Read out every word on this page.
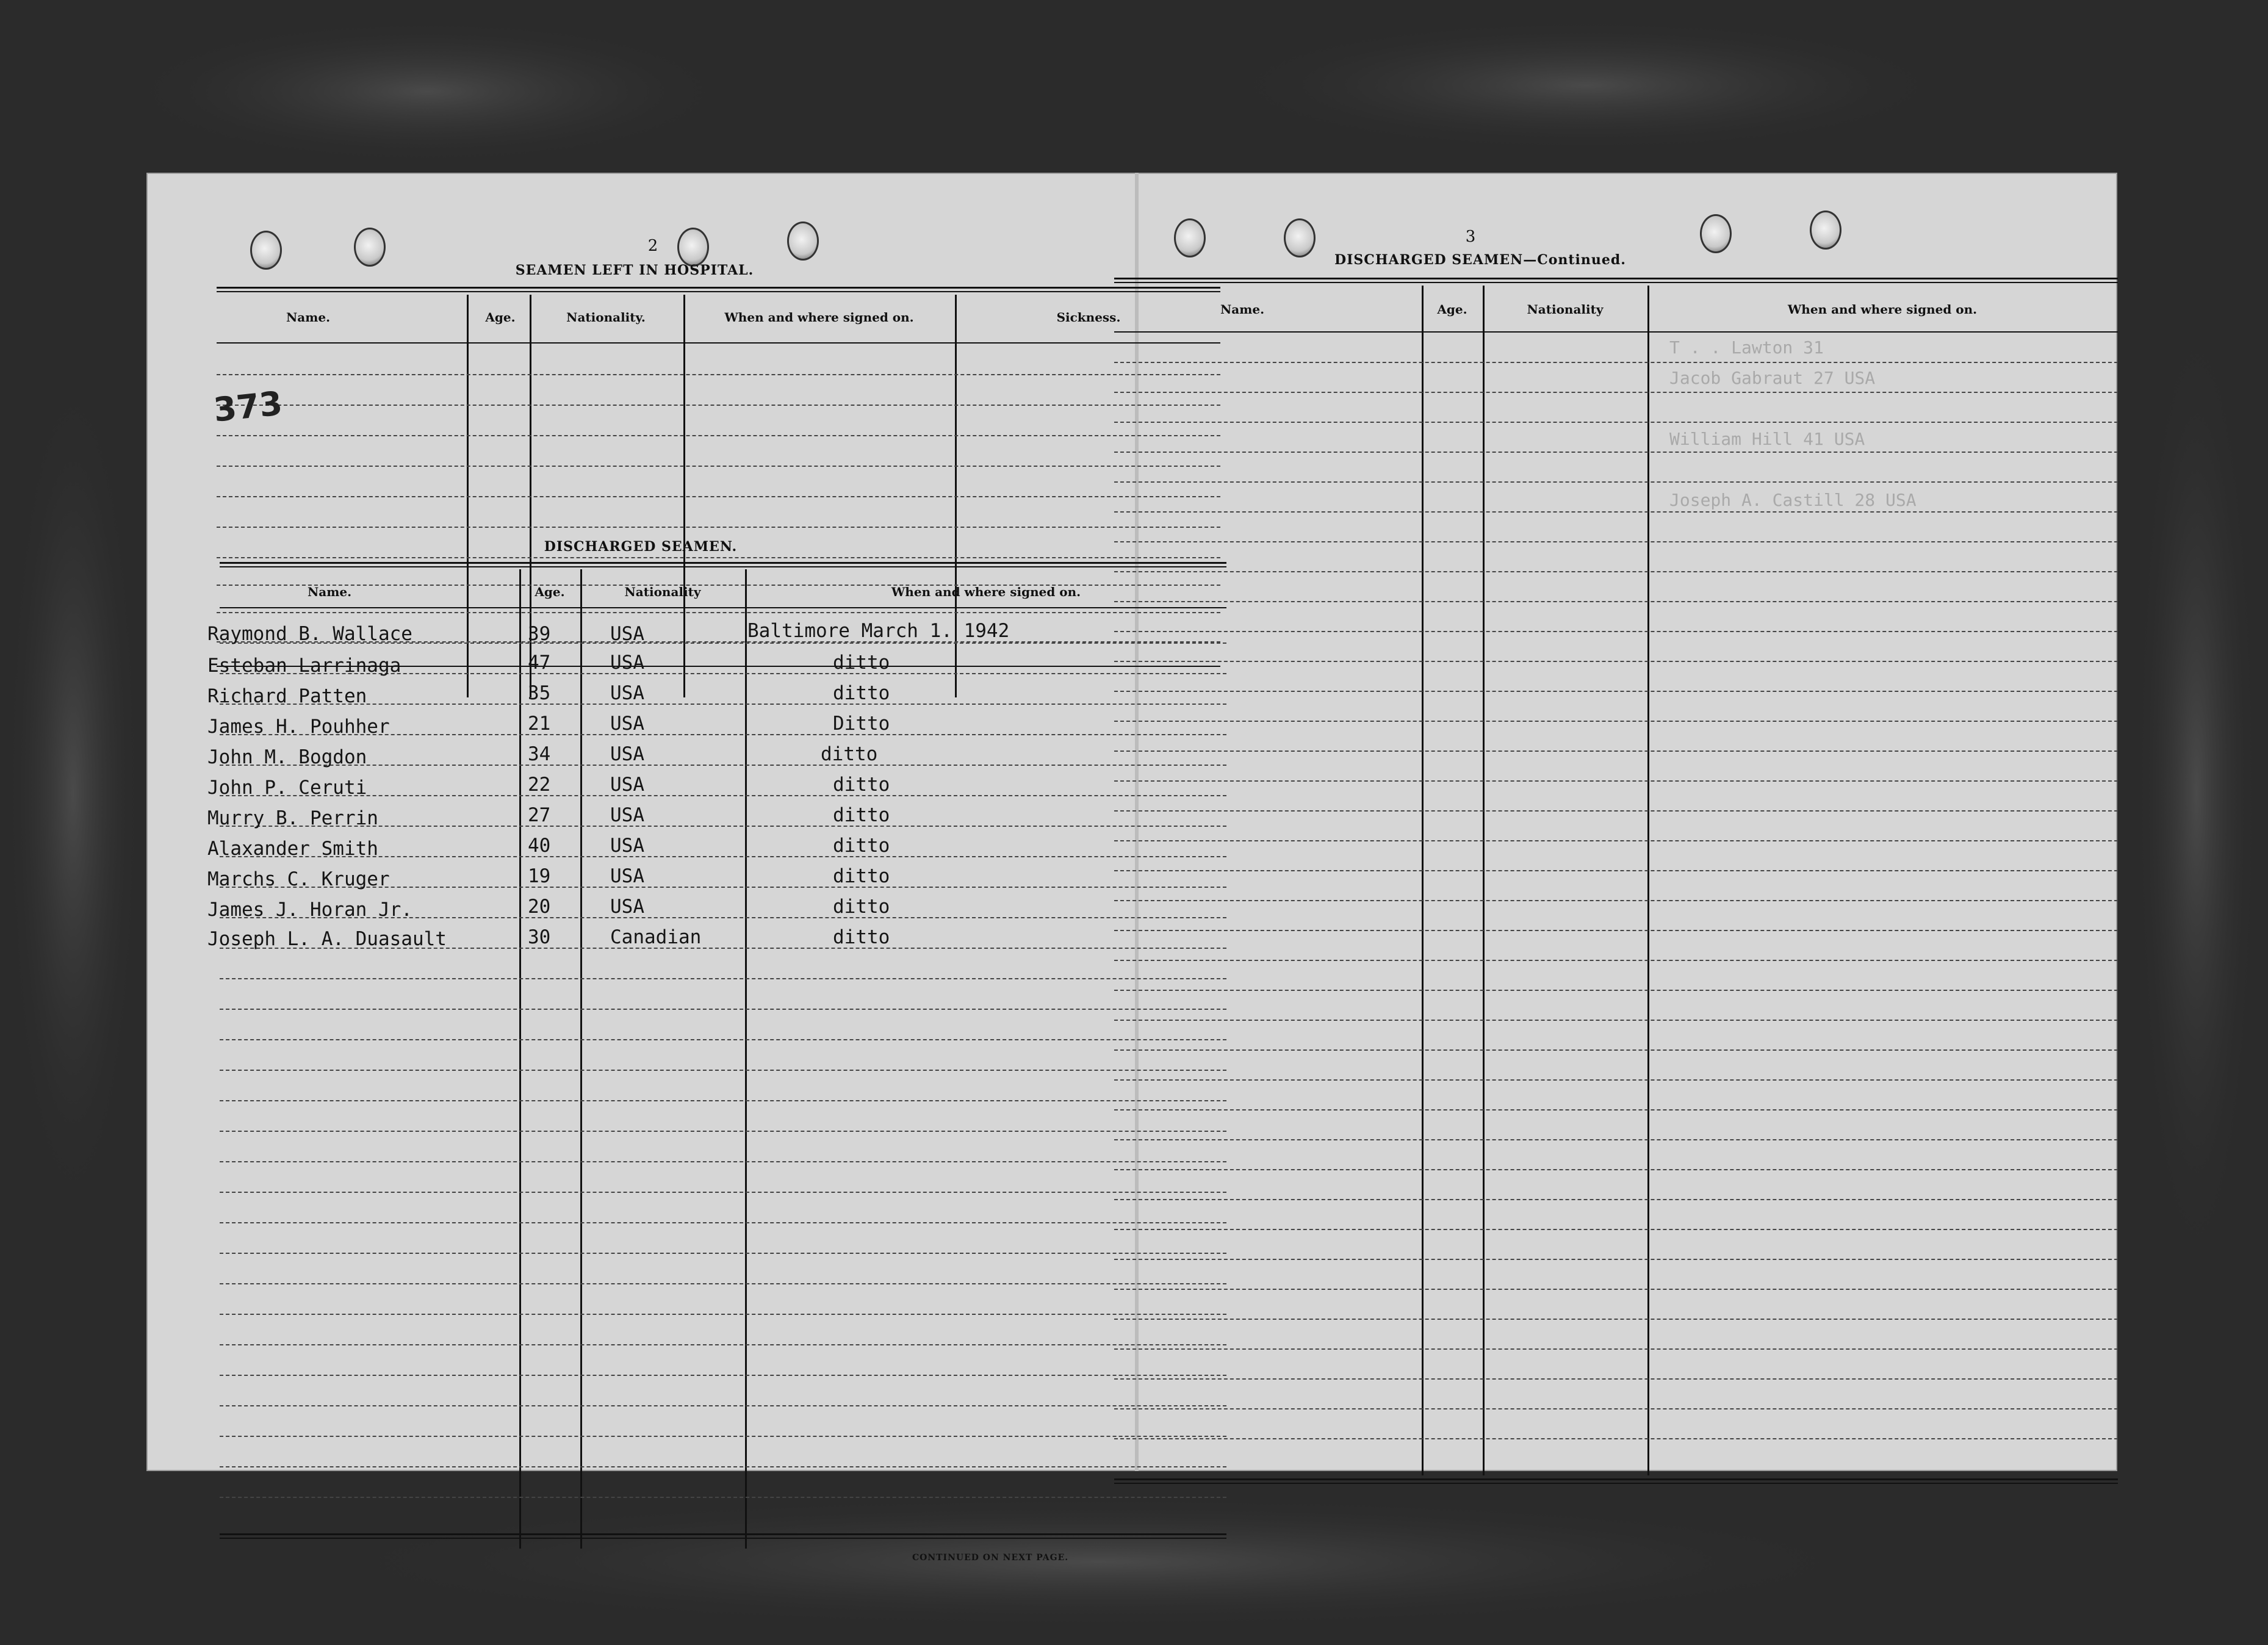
2
SEAMEN LEFT IN HOSPITAL.
Name.	Age.	Nationality.	When and where signed on.	Sickness.
373
DISCHARGED SEAMEN.
Name.	Age.	Nationality	When and where signed on.
Raymond B. Wallace	39	USA	Baltimore March 1. 1942
Esteban Larrinaga	47	USA	ditto
Richard Patten	35	USA	ditto
James H. Pouhher	21	USA	Ditto
John M. Bogdon	34	USA	ditto
John P. Ceruti	22	USA	ditto
Murry B. Perrin	27	USA	ditto
Alaxander Smith	40	USA	ditto
Marchs C. Kruger	19	USA	ditto
James J. Horan Jr.	20	USA	ditto
Joseph L. A. Duasault	30	Canadian	ditto
CONTINUED ON NEXT PAGE.
3
DISCHARGED SEAMEN—Continued.
Name.	Age.	Nationality	When and where signed on.
T . . Lawton 31
Jacob Gabraut 27 USA
William Hill 41 USA
Joseph A. Castill 28 USA
